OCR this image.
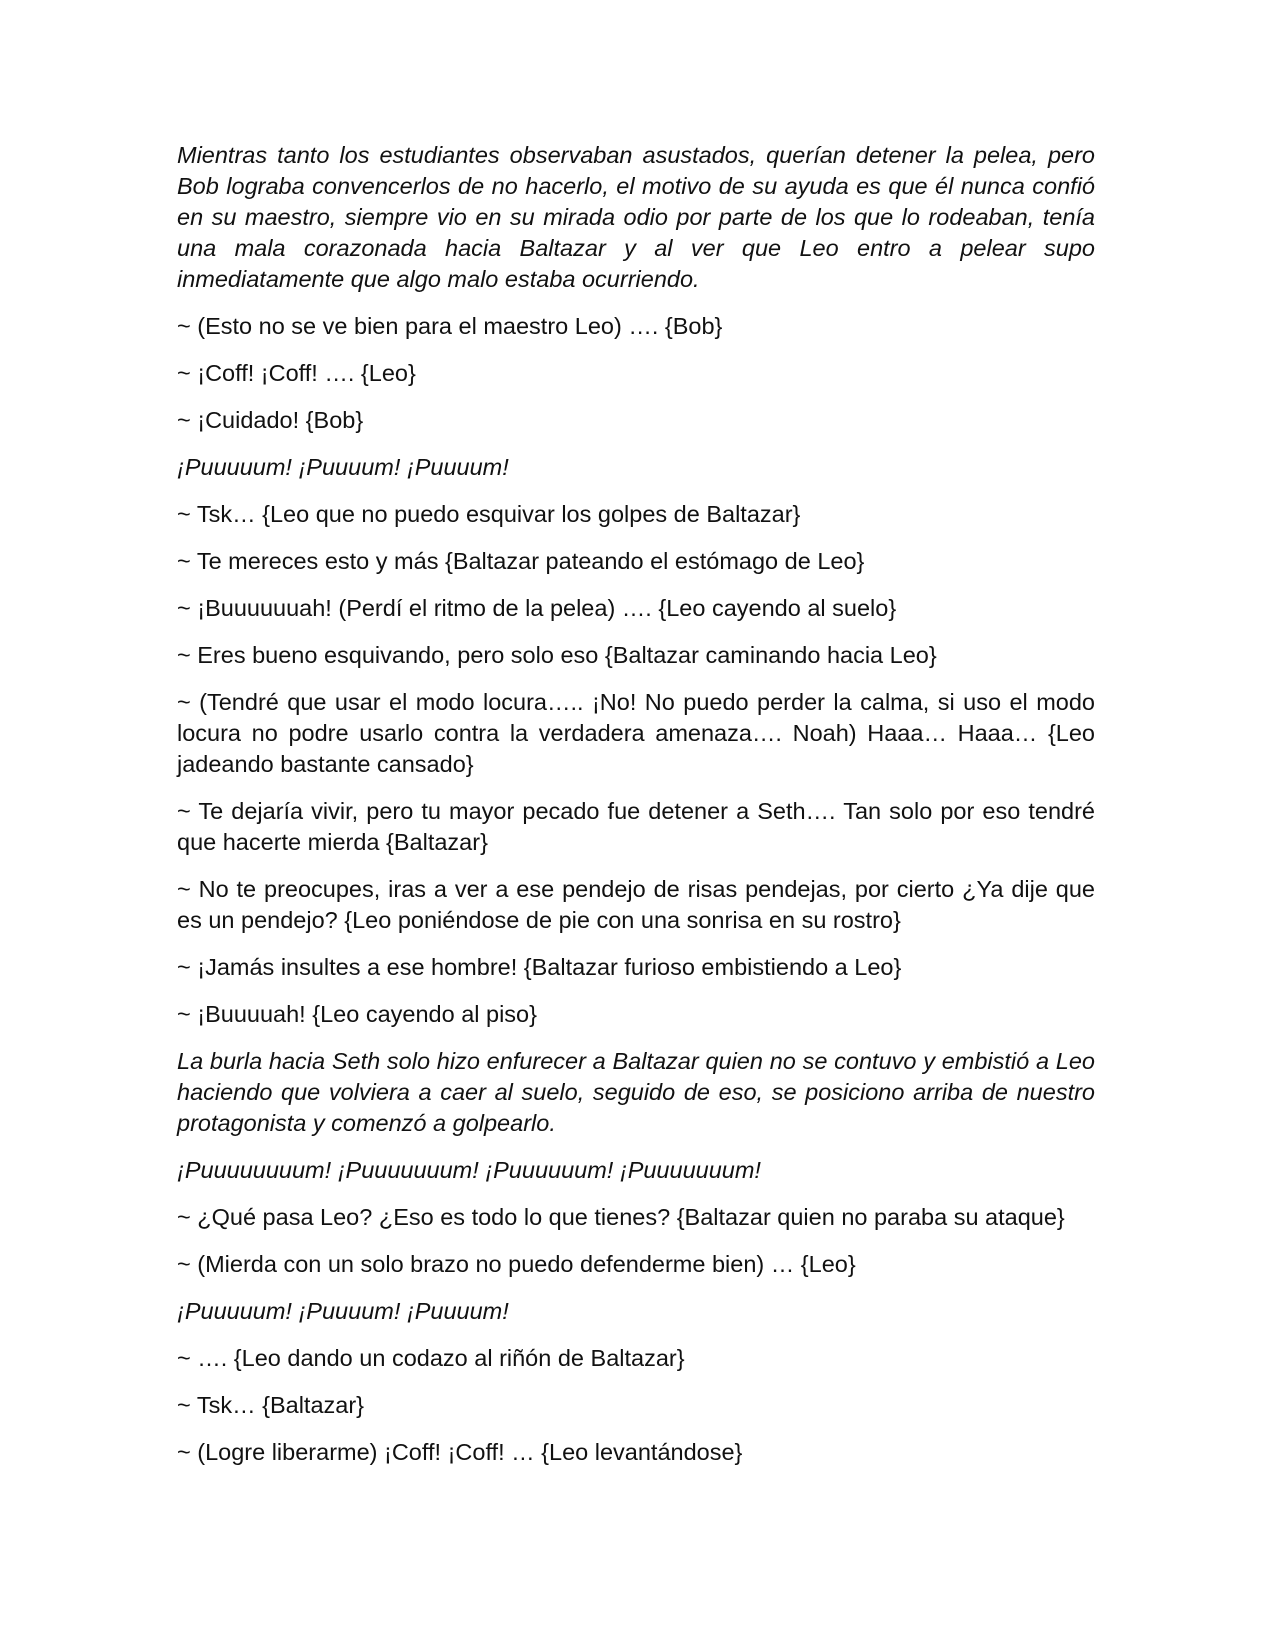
Mientras tanto los estudiantes observaban asustados, querían detener la pelea, pero Bob lograba convencerlos de no hacerlo, el motivo de su ayuda es que él nunca confió en su maestro, siempre vio en su mirada odio por parte de los que lo rodeaban, tenía una mala corazonada hacia Baltazar y al ver que Leo entro a pelear supo inmediatamente que algo malo estaba ocurriendo.

~ (Esto no se ve bien para el maestro Leo) …. {Bob}

~ ¡Coff! ¡Coff! …. {Leo}

~ ¡Cuidado! {Bob}

¡Puuuuum! ¡Puuuum! ¡Puuuum!

~ Tsk… {Leo que no puedo esquivar los golpes de Baltazar}

~ Te mereces esto y más {Baltazar pateando el estómago de Leo}

~ ¡Buuuuuuah! (Perdí el ritmo de la pelea) …. {Leo cayendo al suelo}

~ Eres bueno esquivando, pero solo eso {Baltazar caminando hacia Leo}

~ (Tendré que usar el modo locura….. ¡No! No puedo perder la calma, si uso el modo locura no podre usarlo contra la verdadera amenaza…. Noah) Haaa… Haaa… {Leo jadeando bastante cansado}

~ Te dejaría vivir, pero tu mayor pecado fue detener a Seth…. Tan solo por eso tendré que hacerte mierda {Baltazar}

~ No te preocupes, iras a ver a ese pendejo de risas pendejas, por cierto ¿Ya dije que es un pendejo? {Leo poniéndose de pie con una sonrisa en su rostro}

~ ¡Jamás insultes a ese hombre! {Baltazar furioso embistiendo a Leo}

~ ¡Buuuuah! {Leo cayendo al piso}

La burla hacia Seth solo hizo enfurecer a Baltazar quien no se contuvo y embistió a Leo haciendo que volviera a caer al suelo, seguido de eso, se posiciono arriba de nuestro protagonista y comenzó a golpearlo.

¡Puuuuuuuum! ¡Puuuuuuum! ¡Puuuuuum! ¡Puuuuuuum!

~ ¿Qué pasa Leo? ¿Eso es todo lo que tienes? {Baltazar quien no paraba su ataque}

~ (Mierda con un solo brazo no puedo defenderme bien) … {Leo}

¡Puuuuum! ¡Puuuum! ¡Puuuum!

~ …. {Leo dando un codazo al riñón de Baltazar}

~ Tsk… {Baltazar}

~ (Logre liberarme) ¡Coff! ¡Coff! … {Leo levantándose}
